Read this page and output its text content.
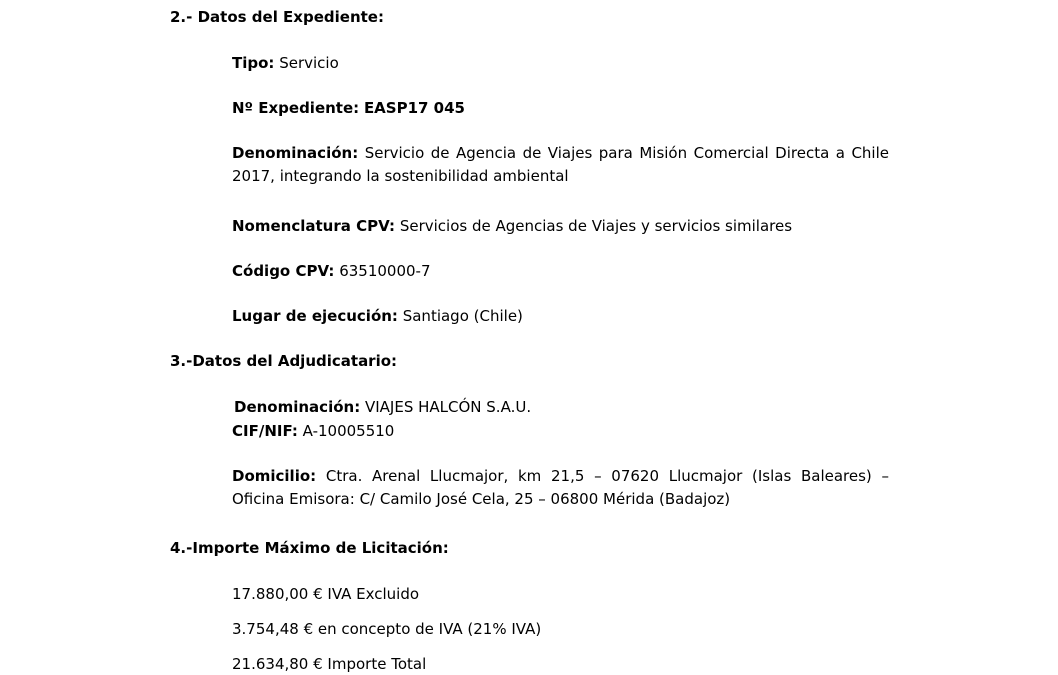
2.- Datos del Expediente:
Tipo: Servicio
Nº Expediente: EASP17 045
Denominación: Servicio de Agencia de Viajes para Misión Comercial Directa a Chile 2017, integrando la sostenibilidad ambiental
Nomenclatura CPV: Servicios de Agencias de Viajes y servicios similares
Código CPV: 63510000-7
Lugar de ejecución: Santiago (Chile)
3.-Datos del Adjudicatario:
Denominación: VIAJES HALCÓN S.A.U.
CIF/NIF: A-10005510
Domicilio: Ctra. Arenal Llucmajor, km 21,5 – 07620 Llucmajor (Islas Baleares) – Oficina Emisora: C/ Camilo José Cela, 25 – 06800 Mérida (Badajoz)
4.-Importe Máximo de Licitación:
17.880,00 € IVA Excluido
3.754,48 € en concepto de IVA (21% IVA)
21.634,80 € Importe Total
